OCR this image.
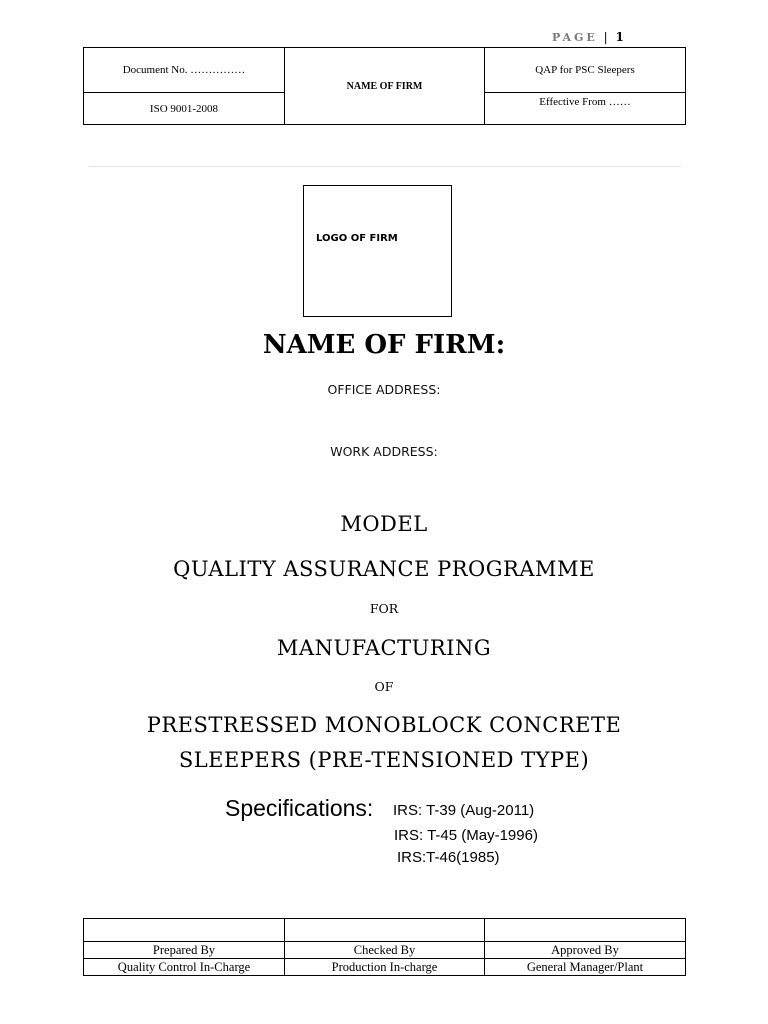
PAGE | 1
Document No. ……………	NAME OF FIRM	QAP for PSC Sleepers
ISO 9001-2008		Effective From ……
LOGO OF FIRM
NAME OF FIRM:
OFFICE ADDRESS:
WORK ADDRESS:
MODEL
QUALITY ASSURANCE PROGRAMME
FOR
MANUFACTURING
OF
PRESTRESSED MONOBLOCK CONCRETE
SLEEPERS (PRE-TENSIONED TYPE)
Specifications: IRS: T-39 (Aug-2011)
IRS: T-45 (May-1996)
IRS:T-46(1985)

Prepared By	Checked By	Approved By
Quality Control In-Charge	Production In-charge	General Manager/Plant
